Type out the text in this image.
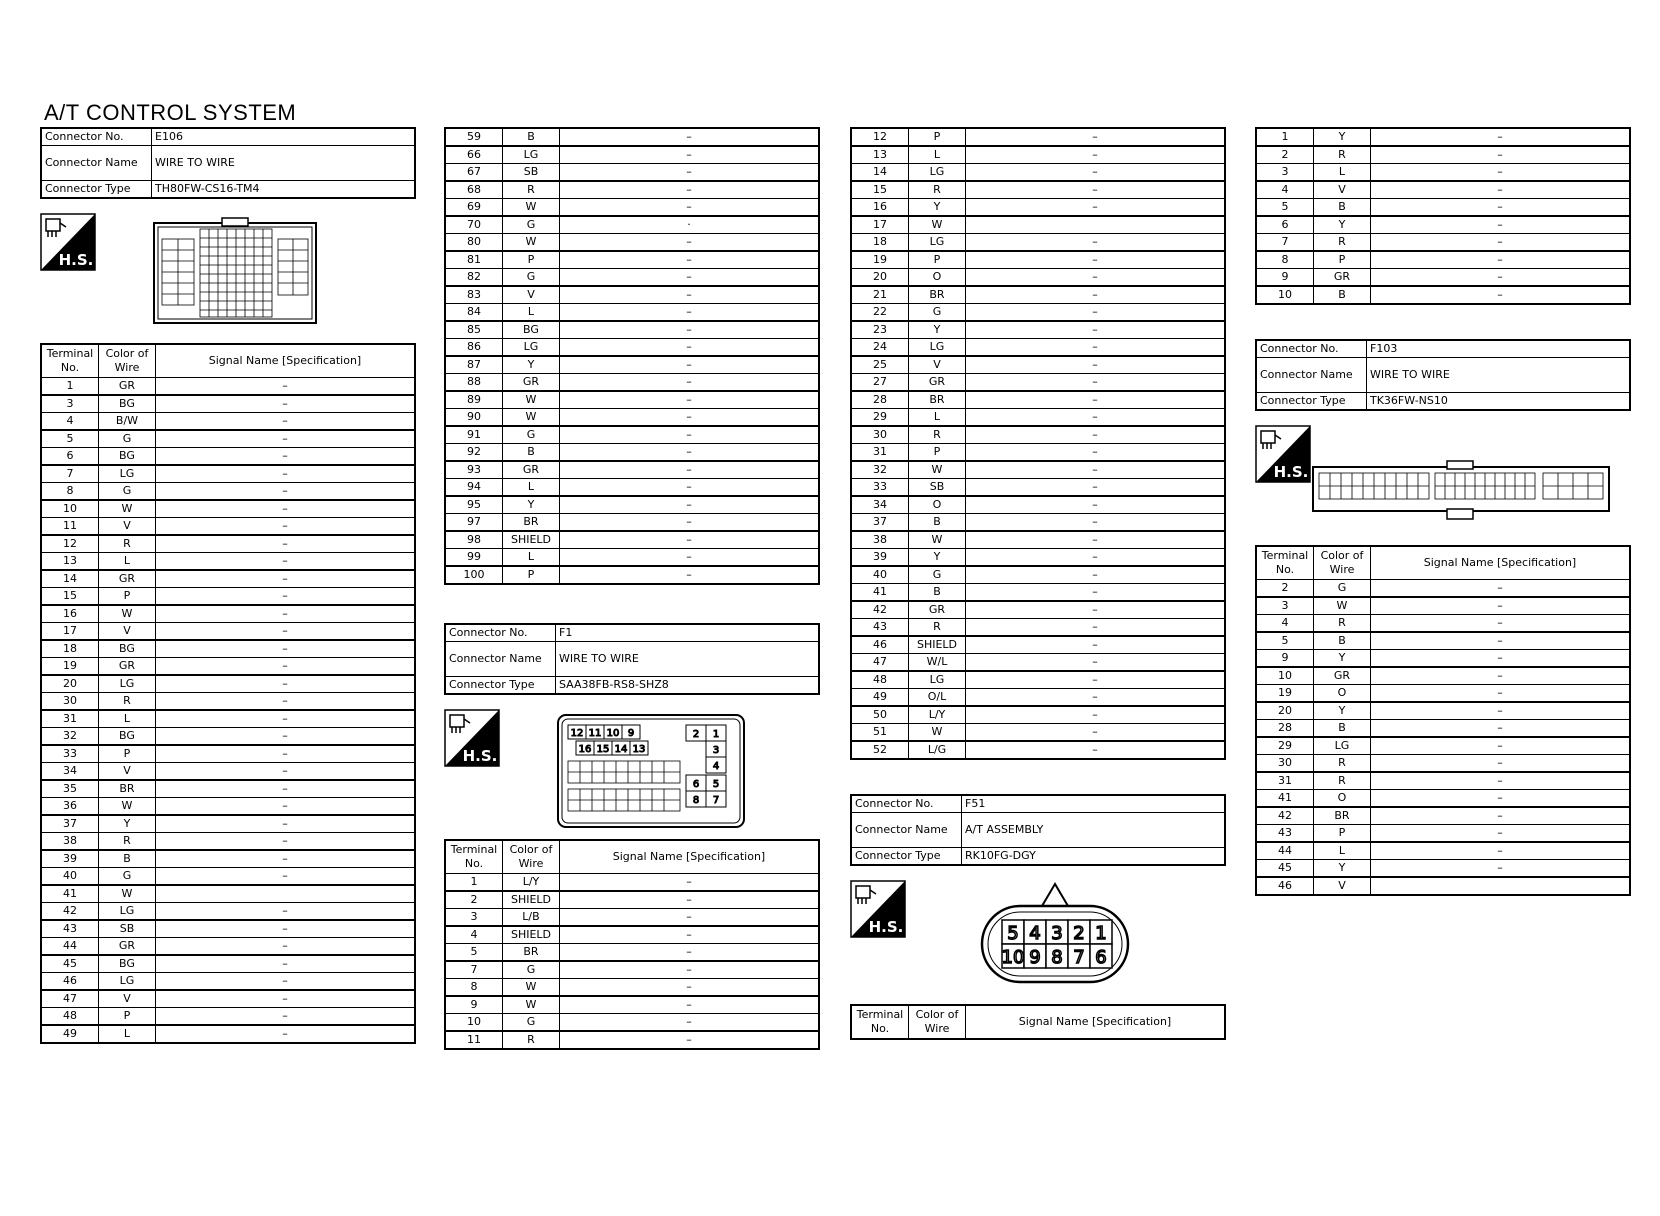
A/T CONTROL SYSTEM
Connector No.	E106
Connector Name	WIRE TO WIRE
Connector Type	TH80FW-CS16-TM4
H.S.
Terminal No.	Color of Wire	Signal Name [Specification]
1	GR	–
3	BG	–
4	B/W	–
5	G	–
6	BG	–
7	LG	–
8	G	–
10	W	–
11	V	–
12	R	–
13	L	–
14	GR	–
15	P	–
16	W	–
17	V	–
18	BG	–
19	GR	–
20	LG	–
30	R	–
31	L	–
32	BG	–
33	P	–
34	V	–
35	BR	–
36	W	–
37	Y	–
38	R	–
39	B	–
40	G	–
41	W	
42	LG	–
43	SB	–
44	GR	–
45	BG	–
46	LG	–
47	V	–
48	P	–
49	L	–
59	B	–
66	LG	–
67	SB	–
68	R	–
69	W	–
70	G	·
80	W	–
81	P	–
82	G	–
83	V	–
84	L	–
85	BG	–
86	LG	–
87	Y	–
88	GR	–
89	W	–
90	W	–
91	G	–
92	B	–
93	GR	–
94	L	–
95	Y	–
97	BR	–
98	SHIELD	–
99	L	–
100	P	–
Connector No.	F1
Connector Name	WIRE TO WIRE
Connector Type	SAA38FB-RS8-SHZ8
H.S.
12 11 10 9
16 15 14 13
2 1
3
4
6 5
8 7
Terminal No.	Color of Wire	Signal Name [Specification]
1	L/Y	–
2	SHIELD	–
3	L/B	–
4	SHIELD	–
5	BR	–
7	G	–
8	W	–
9	W	–
10	G	–
11	R	–
12	P	–
13	L	–
14	LG	–
15	R	–
16	Y	–
17	W	
18	LG	–
19	P	–
20	O	–
21	BR	–
22	G	–
23	Y	–
24	LG	–
25	V	–
27	GR	–
28	BR	–
29	L	–
30	R	–
31	P	–
32	W	–
33	SB	–
34	O	–
37	B	–
38	W	–
39	Y	–
40	G	–
41	B	–
42	GR	–
43	R	–
46	SHIELD	–
47	W/L	–
48	LG	–
49	O/L	–
50	L/Y	–
51	W	–
52	L/G	–
Connector No.	F51
Connector Name	A/T ASSEMBLY
Connector Type	RK10FG-DGY
H.S.	5 4 3 2 1
10 9 8 7 6
Terminal No.	Color of Wire	Signal Name [Specification]
1	Y	–
2	R	–
3	L	–
4	V	–
5	B	–
6	Y	–
7	R	–
8	P	–
9	GR	–
10	B	–
Connector No.	F103
Connector Name	WIRE TO WIRE
Connector Type	TK36FW-NS10
H.S.
Terminal No.	Color of Wire	Signal Name [Specification]
2	G	–
3	W	–
4	R	–
5	B	–
9	Y	–
10	GR	–
19	O	–
20	Y	–
28	B	–
29	LG	–
30	R	–
31	R	–
41	O	–
42	BR	–
43	P	–
44	L	–
45	Y	–
46	V	
